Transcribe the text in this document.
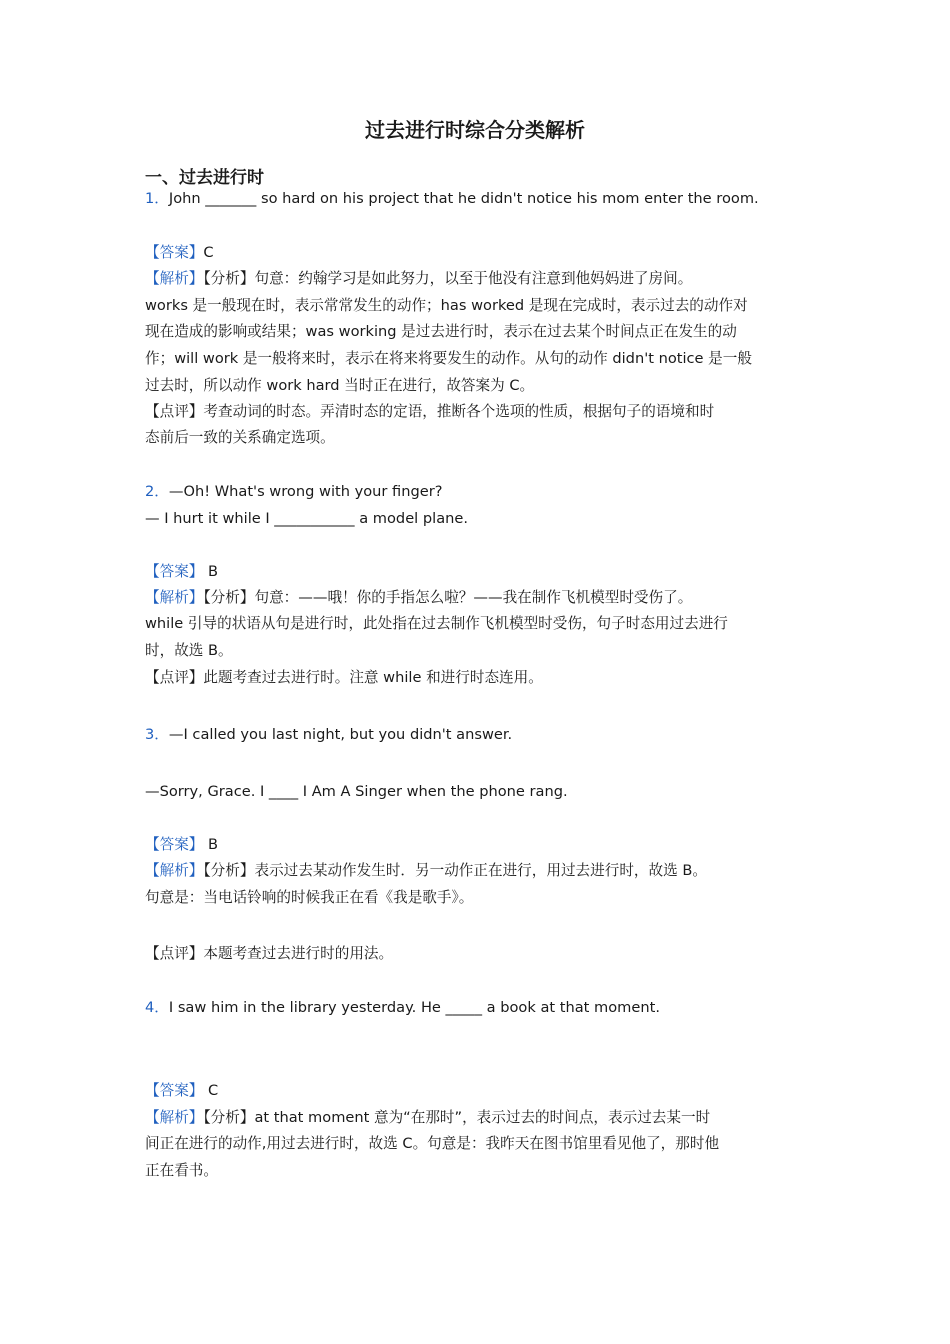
过去进行时综合分类解析
一、过去进行时
1．John _______ so hard on his project that he didn't notice his mom enter the room.
【答案】C
【解析】【分析】句意：约翰学习是如此努力，以至于他没有注意到他妈妈进了房间。
works 是一般现在时，表示常常发生的动作；has worked 是现在完成时，表示过去的动作对
现在造成的影响或结果；was working 是过去进行时，表示在过去某个时间点正在发生的动
作；will work 是一般将来时，表示在将来将要发生的动作。从句的动作 didn't notice 是一般
过去时，所以动作 work hard 当时正在进行，故答案为 C。
【点评】考查动词的时态。弄清时态的定语，推断各个选项的性质，根据句子的语境和时
态前后一致的关系确定选项。
2．—Oh! What's wrong with your finger?
— I hurt it while I ___________ a model plane.
【答案】 B
【解析】【分析】句意：——哦！你的手指怎么啦？——我在制作飞机模型时受伤了。
while 引导的状语从句是进行时，此处指在过去制作飞机模型时受伤，句子时态用过去进行
时，故选 B。
【点评】此题考查过去进行时。注意 while 和进行时态连用。
3．—I called you last night, but you didn't answer.
—Sorry, Grace. I ____ I Am A Singer when the phone rang.
【答案】 B
【解析】【分析】表示过去某动作发生时．另一动作正在进行，用过去进行时，故选 B。
句意是：当电话铃响的时候我正在看《我是歌手》。
【点评】本题考查过去进行时的用法。
4．I saw him in the library yesterday. He _____ a book at that moment.
【答案】 C
【解析】【分析】at that moment 意为“在那时”，表示过去的时间点，表示过去某一时
间正在进行的动作,用过去进行时，故选 C。句意是：我昨天在图书馆里看见他了，那时他
正在看书。
